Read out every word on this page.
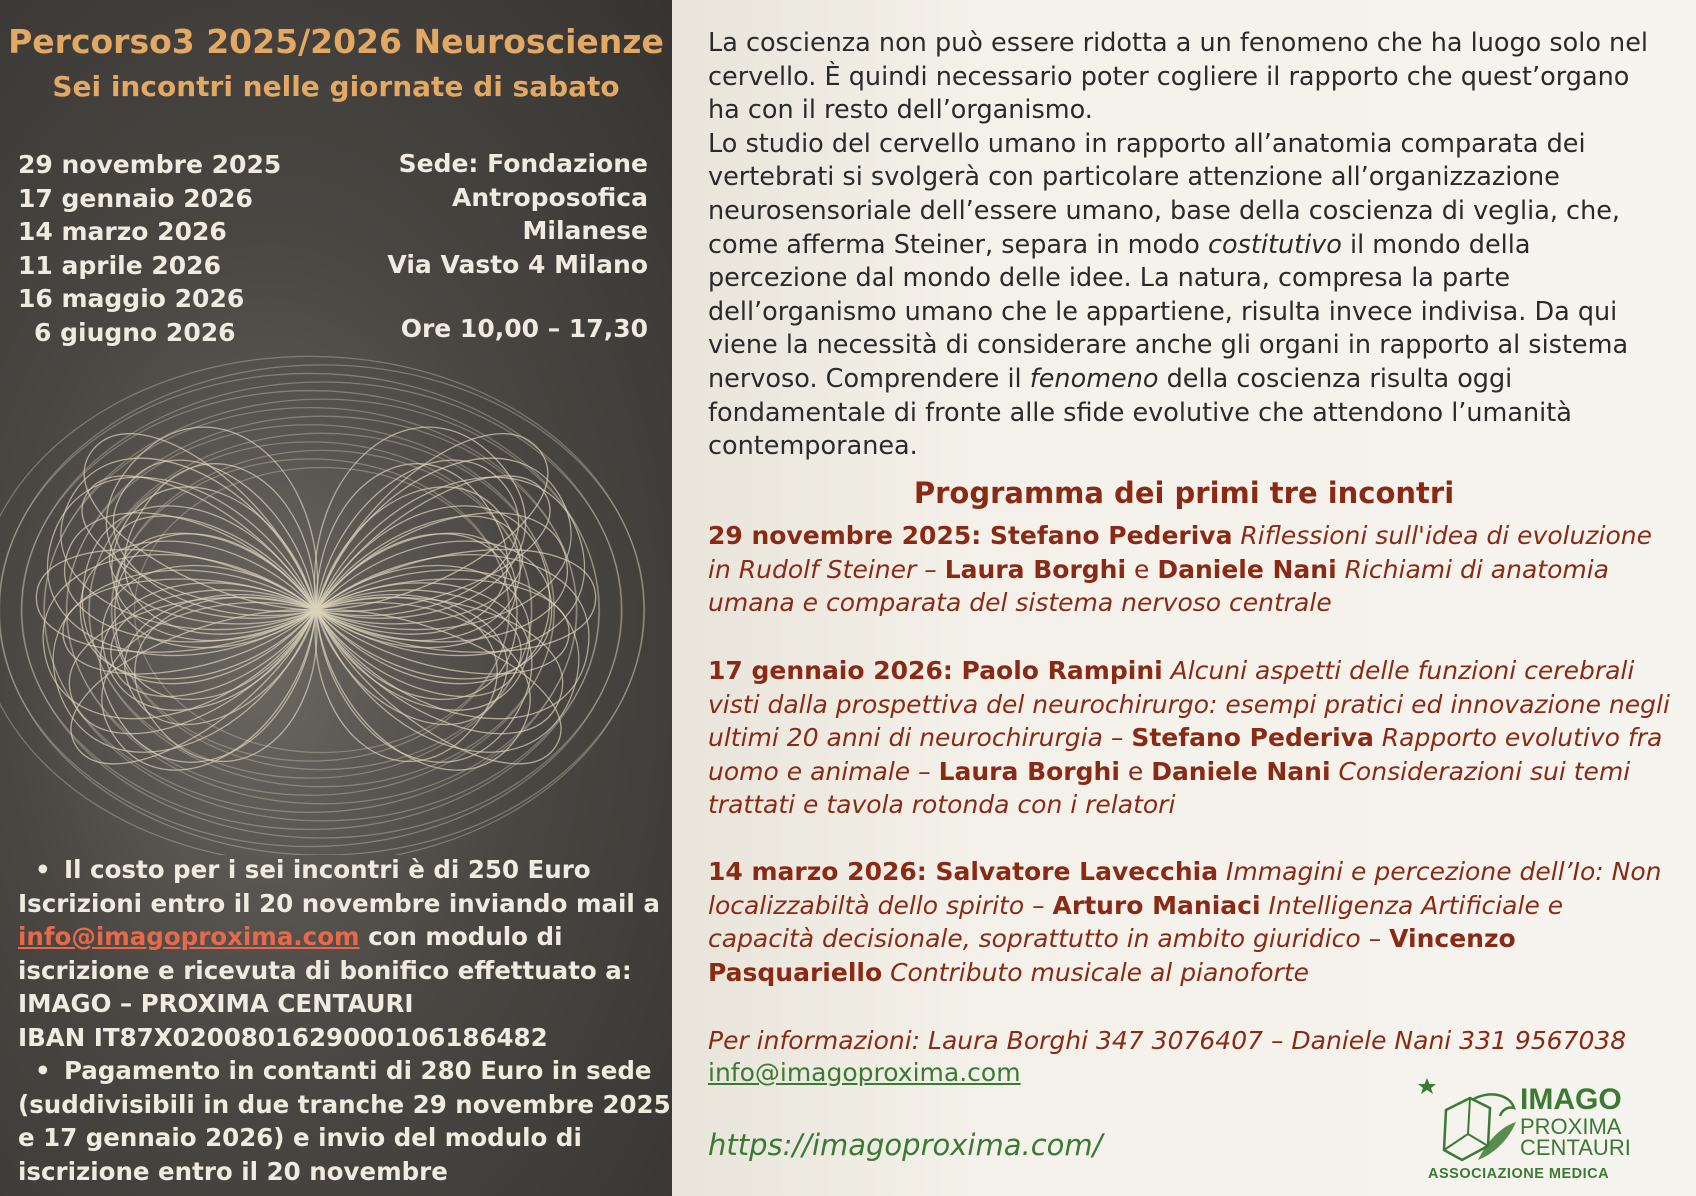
Percorso3 2025/2026 Neuroscienze
Sei incontri nelle giornate di sabato
29 novembre 2025
17 gennaio 2026
14 marzo 2026
11 aprile 2026
16 maggio 2026
6 giugno 2026
Sede: Fondazione
Antroposofica
Milanese
Via Vasto 4 Milano
Ore 10,00 – 17,30
• Il costo per i sei incontri è di 250 Euro
Iscrizioni entro il 20 novembre inviando mail a
info@imagoproxima.com con modulo di
iscrizione e ricevuta di bonifico effettuato a:
IMAGO – PROXIMA CENTAURI
IBAN IT87X0200801629000106186482
• Pagamento in contanti di 280 Euro in sede
(suddivisibili in due tranche 29 novembre 2025
e 17 gennaio 2026) e invio del modulo di
iscrizione entro il 20 novembre
La coscienza non può essere ridotta a un fenomeno che ha luogo solo nel cervello. È quindi necessario poter cogliere il rapporto che quest’organo ha con il resto dell’organismo.
Lo studio del cervello umano in rapporto all’anatomia comparata dei vertebrati si svolgerà con particolare attenzione all’organizzazione neurosensoriale dell’essere umano, base della coscienza di veglia, che, come afferma Steiner, separa in modo costitutivo il mondo della percezione dal mondo delle idee. La natura, compresa la parte dell’organismo umano che le appartiene, risulta invece indivisa. Da qui viene la necessità di considerare anche gli organi in rapporto al sistema nervoso. Comprendere il fenomeno della coscienza risulta oggi fondamentale di fronte alle sfide evolutive che attendono l’umanità contemporanea.
Programma dei primi tre incontri
29 novembre 2025: Stefano Pederiva Riflessioni sull'idea di evoluzione in Rudolf Steiner – Laura Borghi e Daniele Nani Richiami di anatomia umana e comparata del sistema nervoso centrale
17 gennaio 2026: Paolo Rampini Alcuni aspetti delle funzioni cerebrali visti dalla prospettiva del neurochirurgo: esempi pratici ed innovazione negli ultimi 20 anni di neurochirurgia – Stefano Pederiva Rapporto evolutivo fra uomo e animale – Laura Borghi e Daniele Nani Considerazioni sui temi trattati e tavola rotonda con i relatori
14 marzo 2026: Salvatore Lavecchia Immagini e percezione dell’Io: Non localizzabiltà dello spirito – Arturo Maniaci Intelligenza Artificiale e capacità decisionale, soprattutto in ambito giuridico – Vincenzo Pasquariello Contributo musicale al pianoforte
Per informazioni: Laura Borghi 347 3076407 – Daniele Nani 331 9567038
info@imagoproxima.com
https://imagoproxima.com/
IMAGO
PROXIMA
CENTAURI
ASSOCIAZIONE MEDICA
